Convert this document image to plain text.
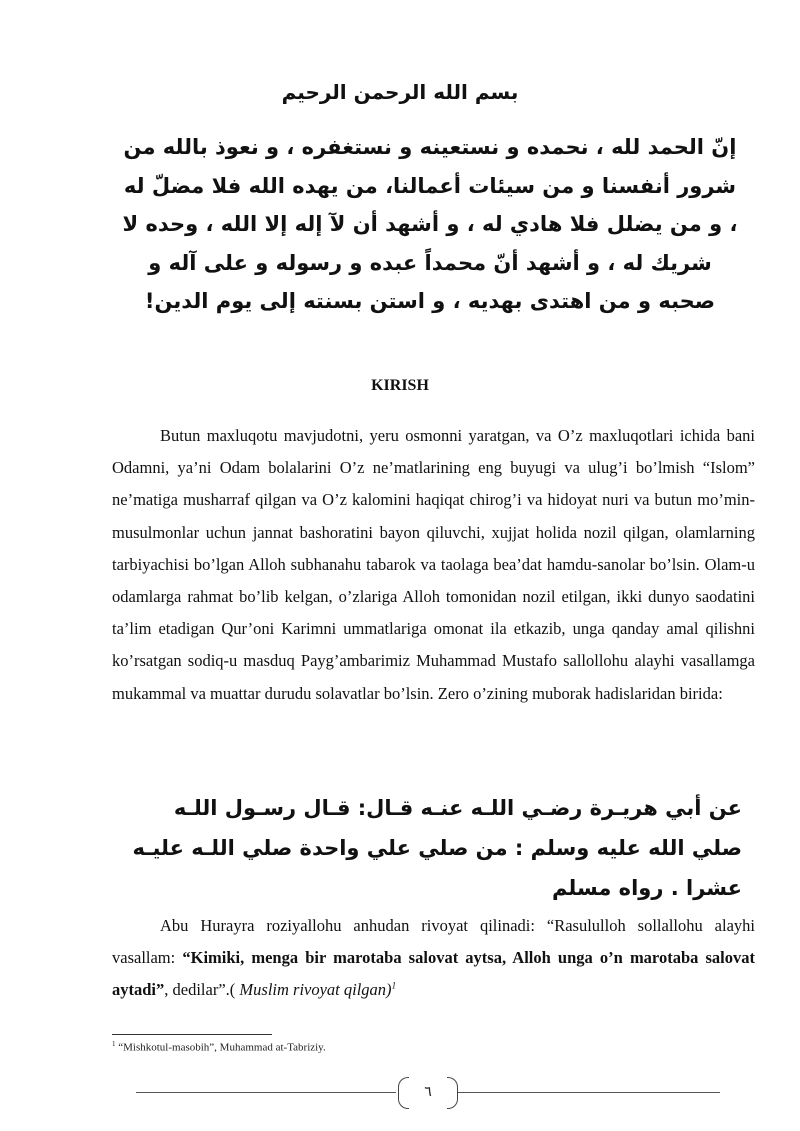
بسم الله الرحمن الرحيم
إنّ الحمد لله ، نحمده و نستعينه و نستغفره ، و نعوذ بالله من
شرور أنفسنا و من سيئات أعمالنا، من يهده الله فلا مضلّ له
، و من يضلل فلا هادي له ، و أشهد أن لآ إله إلا الله ، وحده لا
شريك له ، و أشهد أنّ محمداً عبده و رسوله و على آله و
صحبه و من اهتدى بهديه ، و استن بسنته إلى يوم الدين!
KIRISH

Butun maxluqotu mavjudotni, yeru osmonni yaratgan, va O’z maxluqotlari ichida bani Odamni, ya’ni Odam bolalarini O’z ne’matlarining eng buyugi va ulug’i bo’lmish “Islom” ne’matiga musharraf qilgan va O’z kalomini haqiqat chirog’i va hidoyat nuri va butun mo’min-musulmonlar uchun jannat bashoratini bayon qiluvchi, xujjat holida nozil qilgan, olamlarning tarbiyachisi bo’lgan Alloh subhanahu tabarok va taolaga bea’dat hamdu-sanolar bo’lsin. Olam-u odamlarga rahmat bo’lib kelgan, o’zlariga Alloh tomonidan nozil etilgan, ikki dunyo saodatini ta’lim etadigan Qur’oni Karimni ummatlariga omonat ila etkazib, unga qanday amal qilishni ko’rsatgan sodiq-u masduq Payg’ambarimiz Muhammad Mustafo sallollohu alayhi vasallamga mukammal va muattar durudu solavatlar bo’lsin. Zero o’zining muborak hadislaridan birida:

عن أبي هريـرة رضـي اللـه عنـه قـال: قـال رسـول اللـه
صلي الله عليه وسلم : من صلي علي واحدة صلي اللـه عليـه
عشرا . رواه مسلم

Abu Hurayra roziyallohu anhudan rivoyat qilinadi: “Rasululloh sollallohu alayhi vasallam: “Kimiki, menga bir marotaba salovat aytsa, Alloh unga o’n marotaba salovat aytadi”, dedilar”.( Muslim rivoyat qilgan)$^1$

$^1$ “Mishkotul-masobih”, Muhammad at-Tabriziy.
٦
